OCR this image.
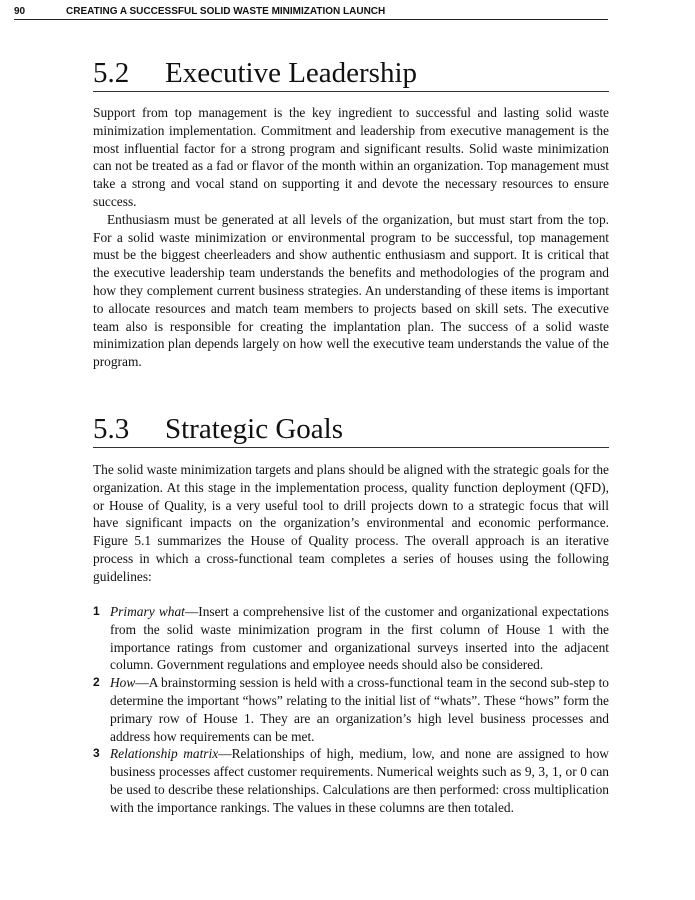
90	CREATING A SUCCESSFUL SOLID WASTE MINIMIZATION LAUNCH
5.2 Executive Leadership

Support from top management is the key ingredient to successful and lasting solid waste minimization implementation. Commitment and leadership from executive management is the most influential factor for a strong program and significant results. Solid waste minimization can not be treated as a fad or flavor of the month within an organization. Top management must take a strong and vocal stand on supporting it and devote the necessary resources to ensure success.

Enthusiasm must be generated at all levels of the organization, but must start from the top. For a solid waste minimization or environmental program to be successful, top management must be the biggest cheerleaders and show authentic enthusiasm and support. It is critical that the executive leadership team understands the benefits and methodologies of the program and how they complement current business strategies. An understanding of these items is important to allocate resources and match team members to projects based on skill sets. The executive team also is responsible for creating the implantation plan. The success of a solid waste minimization plan depends largely on how well the executive team understands the value of the program.

5.3 Strategic Goals

The solid waste minimization targets and plans should be aligned with the strategic goals for the organization. At this stage in the implementation process, quality function deployment (QFD), or House of Quality, is a very useful tool to drill projects down to a strategic focus that will have significant impacts on the organization’s environmental and economic performance. Figure 5.1 summarizes the House of Quality process. The overall approach is an iterative process in which a cross-functional team completes a series of houses using the following guidelines:

1 Primary what—Insert a comprehensive list of the customer and organizational expectations from the solid waste minimization program in the first column of House 1 with the importance ratings from customer and organizational surveys inserted into the adjacent column. Government regulations and employee needs should also be considered.
2 How—A brainstorming session is held with a cross-functional team in the second sub-step to determine the important “hows” relating to the initial list of “whats”. These “hows” form the primary row of House 1. They are an organization’s high level business processes and address how requirements can be met.
3 Relationship matrix—Relationships of high, medium, low, and none are assigned to how business processes affect customer requirements. Numerical weights such as 9, 3, 1, or 0 can be used to describe these relationships. Calculations are then performed: cross multiplication with the importance rankings. The values in these columns are then totaled.
